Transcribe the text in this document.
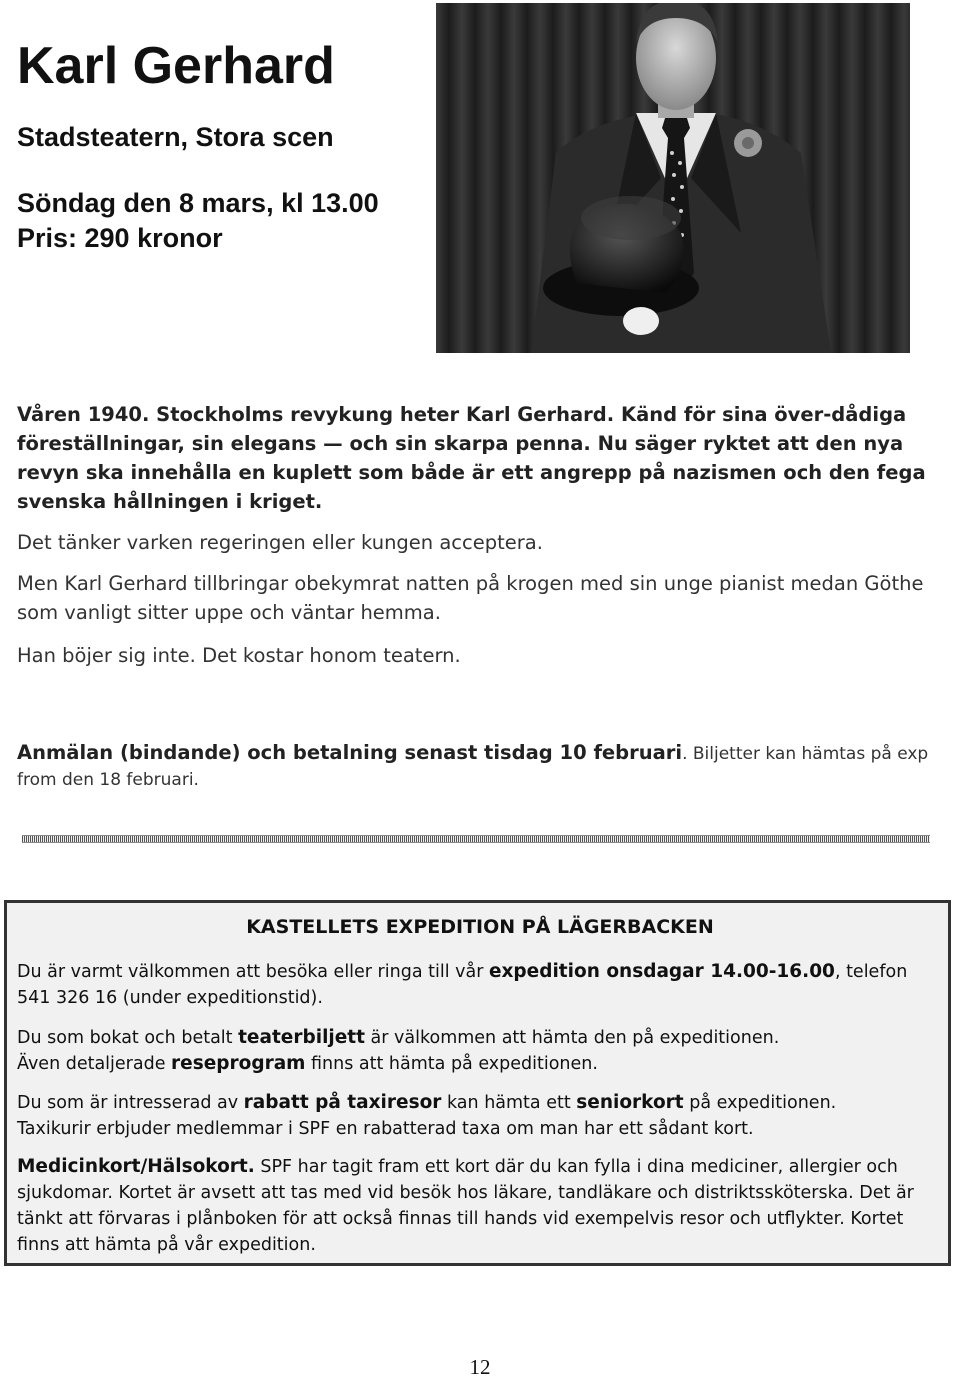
Karl Gerhard
Stadsteatern, Stora scen
Söndag den 8 mars, kl 13.00
Pris: 290 kronor

Våren 1940. Stockholms revykung heter Karl Gerhard. Känd för sina över-dådiga föreställningar, sin elegans — och sin skarpa penna. Nu säger ryktet att den nya revyn ska innehålla en kuplett som både är ett angrepp på nazismen och den fega svenska hållningen i kriget.

Det tänker varken regeringen eller kungen acceptera.

Men Karl Gerhard tillbringar obekymrat natten på krogen med sin unge pianist medan Göthe som vanligt sitter uppe och väntar hemma.

Han böjer sig inte. Det kostar honom teatern.

Anmälan (bindande) och betalning senast tisdag 10 februari. Biljetter kan hämtas på exp from den 18 februari.

KASTELLETS EXPEDITION PÅ LÄGERBACKEN

Du är varmt välkommen att besöka eller ringa till vår expedition onsdagar 14.00-16.00, telefon 541 326 16 (under expeditionstid).

Du som bokat och betalt teaterbiljett är välkommen att hämta den på expeditionen.
Även detaljerade reseprogram finns att hämta på expeditionen.

Du som är intresserad av rabatt på taxiresor kan hämta ett seniorkort på expeditionen.
Taxikurir erbjuder medlemmar i SPF en rabatterad taxa om man har ett sådant kort.

Medicinkort/Hälsokort. SPF har tagit fram ett kort där du kan fylla i dina mediciner, allergier och sjukdomar. Kortet är avsett att tas med vid besök hos läkare, tandläkare och distriktssköterska. Det är tänkt att förvaras i plånboken för att också finnas till hands vid exempelvis resor och utflykter. Kortet finns att hämta på vår expedition.

12
